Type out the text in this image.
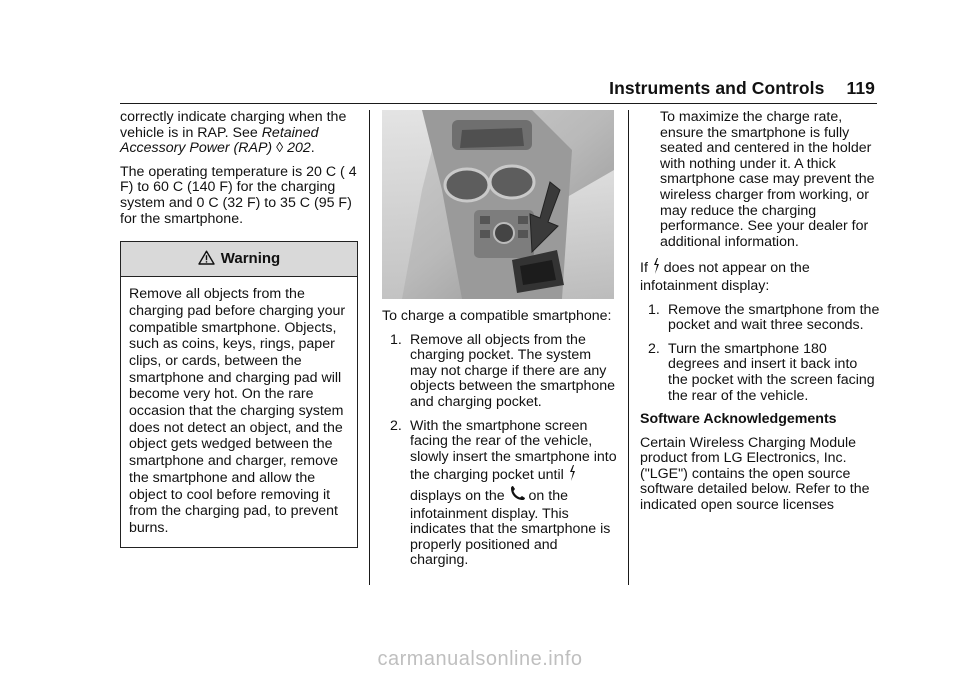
Instruments and Controls 119

correctly indicate charging when the vehicle is in RAP. See Retained Accessory Power (RAP) ◊ 202.

The operating temperature is 20 C ( 4 F) to 60 C (140 F) for the charging system and 0 C (32 F) to 35 C (95 F) for the smartphone.

Warning
Remove all objects from the charging pad before charging your compatible smartphone. Objects, such as coins, keys, rings, paper clips, or cards, between the smartphone and charging pad will become very hot. On the rare occasion that the charging system does not detect an object, and the object gets wedged between the smartphone and charger, remove the smartphone and allow the object to cool before removing it from the charging pad, to prevent burns.

To charge a compatible smartphone:

1. Remove all objects from the charging pocket. The system may not charge if there are any objects between the smartphone and charging pocket.
2. With the smartphone screen facing the rear of the vehicle, slowly insert the smartphone into the charging pocket until  displays on the  on the infotainment display. This indicates that the smartphone is properly positioned and charging.

To maximize the charge rate, ensure the smartphone is fully seated and centered in the holder with nothing under it. A thick smartphone case may prevent the wireless charger from working, or may reduce the charging performance. See your dealer for additional information.

If  does not appear on the infotainment display:

1. Remove the smartphone from the pocket and wait three seconds.
2. Turn the smartphone 180 degrees and insert it back into the pocket with the screen facing the rear of the vehicle.

Software Acknowledgements

Certain Wireless Charging Module product from LG Electronics, Inc. ("LGE") contains the open source software detailed below. Refer to the indicated open source licenses

carmanualsonline.info
